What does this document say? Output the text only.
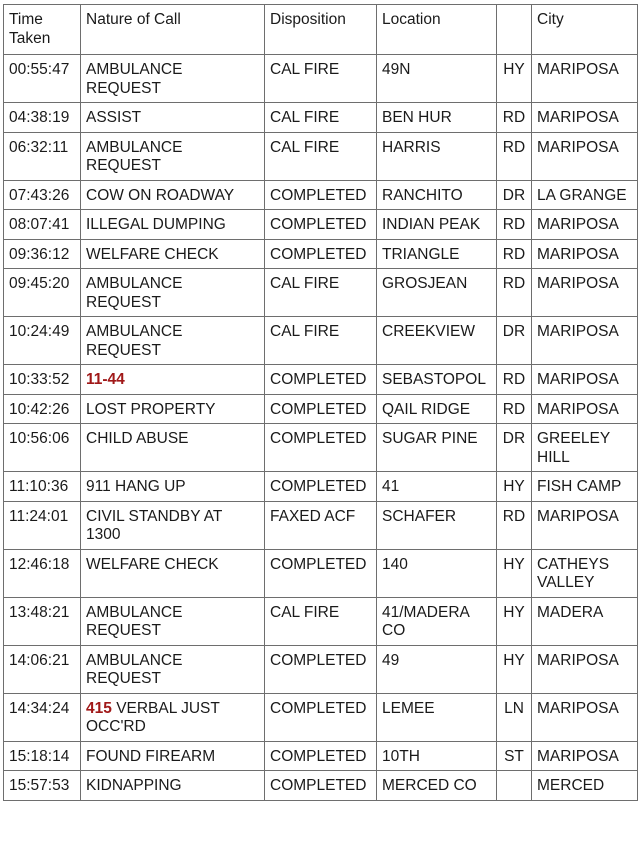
Time Taken	Nature of Call	Disposition	Location		City
00:55:47	AMBULANCE REQUEST	CAL FIRE	49N	HY	MARIPOSA
04:38:19	ASSIST	CAL FIRE	BEN HUR	RD	MARIPOSA
06:32:11	AMBULANCE REQUEST	CAL FIRE	HARRIS	RD	MARIPOSA
07:43:26	COW ON ROADWAY	COMPLETED	RANCHITO	DR	LA GRANGE
08:07:41	ILLEGAL DUMPING	COMPLETED	INDIAN PEAK	RD	MARIPOSA
09:36:12	WELFARE CHECK	COMPLETED	TRIANGLE	RD	MARIPOSA
09:45:20	AMBULANCE REQUEST	CAL FIRE	GROSJEAN	RD	MARIPOSA
10:24:49	AMBULANCE REQUEST	CAL FIRE	CREEKVIEW	DR	MARIPOSA
10:33:52	11-44	COMPLETED	SEBASTOPOL	RD	MARIPOSA
10:42:26	LOST PROPERTY	COMPLETED	QAIL RIDGE	RD	MARIPOSA
10:56:06	CHILD ABUSE	COMPLETED	SUGAR PINE	DR	GREELEY HILL
11:10:36	911 HANG UP	COMPLETED	41	HY	FISH CAMP
11:24:01	CIVIL STANDBY AT 1300	FAXED ACF	SCHAFER	RD	MARIPOSA
12:46:18	WELFARE CHECK	COMPLETED	140	HY	CATHEYS VALLEY
13:48:21	AMBULANCE REQUEST	CAL FIRE	41/MADERA CO	HY	MADERA
14:06:21	AMBULANCE REQUEST	COMPLETED	49	HY	MARIPOSA
14:34:24	415 VERBAL JUST OCC'RD	COMPLETED	LEMEE	LN	MARIPOSA
15:18:14	FOUND FIREARM	COMPLETED	10TH	ST	MARIPOSA
15:57:53	KIDNAPPING	COMPLETED	MERCED CO		MERCED
